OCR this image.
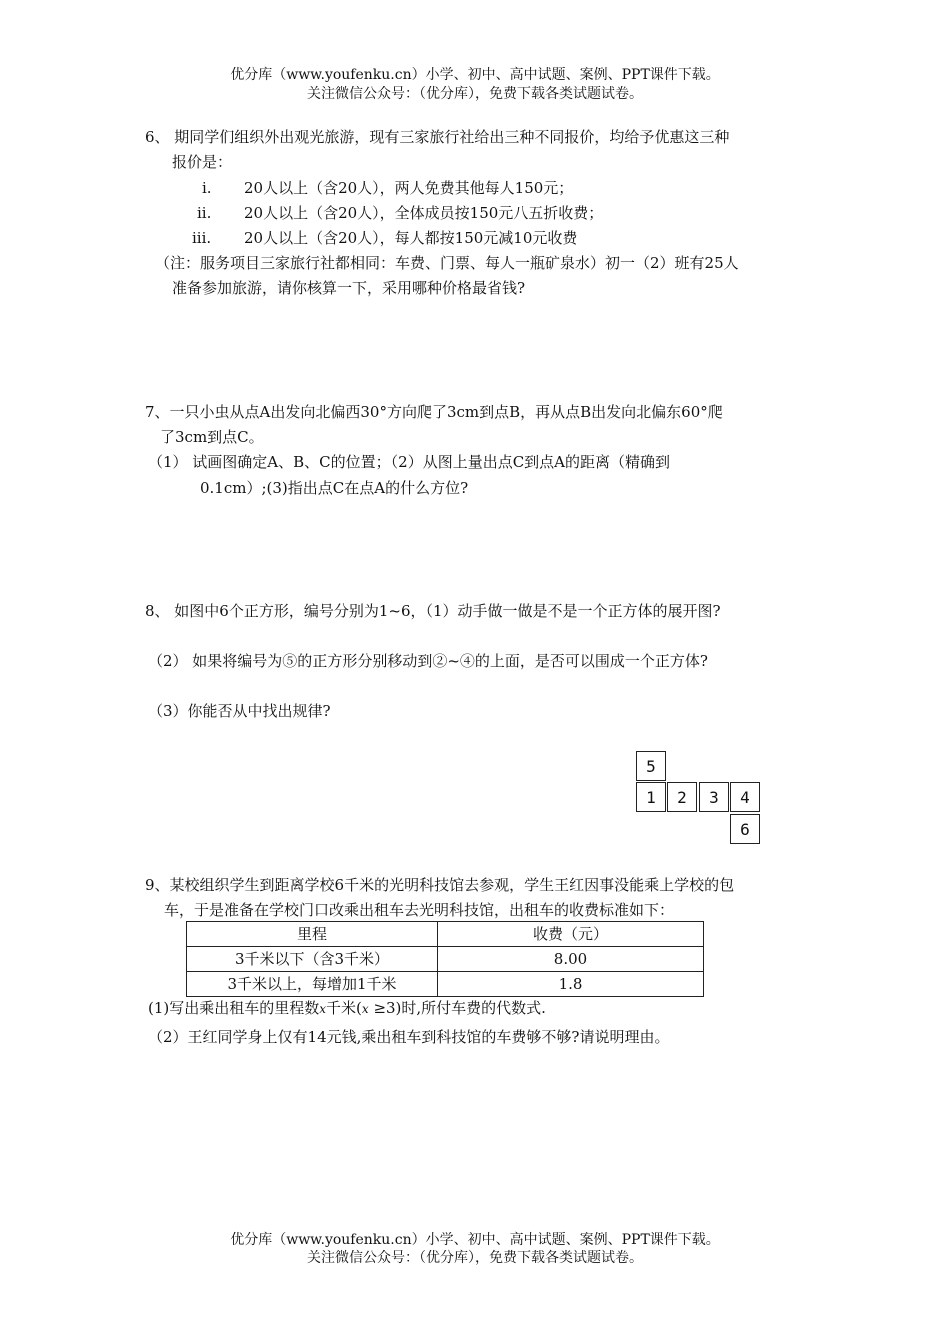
优分库（www.youfenku.cn）小学、初中、高中试题、案例、PPT课件下载。
关注微信公众号：（优分库），免费下载各类试题试卷。
6、 期同学们组织外出观光旅游，现有三家旅行社给出三种不同报价，均给予优惠这三种
报价是：
i. 20人以上（含20人），两人免费其他每人150元；
ii. 20人以上（含20人），全体成员按150元八五折收费；
iii. 20人以上（含20人），每人都按150元减10元收费
（注：服务项目三家旅行社都相同：车费、门票、每人一瓶矿泉水）初一（2）班有25人
准备参加旅游，请你核算一下，采用哪种价格最省钱?
7、一只小虫从点A出发向北偏西30°方向爬了3cm到点B，再从点B出发向北偏东60°爬
了3cm到点C。
（1） 试画图确定A、B、C的位置；（2）从图上量出点C到点A的距离（精确到
0.1cm）;(3)指出点C在点A的什么方位?
8、 如图中6个正方形，编号分别为1~6，（1）动手做一做是不是一个正方体的展开图?
（2） 如果将编号为⑤的正方形分别移动到②~④的上面，是否可以围成一个正方体?
（3）你能否从中找出规律?
5
1	2	3	4
6
9、某校组织学生到距离学校6千米的光明科技馆去参观，学生王红因事没能乘上学校的包
车，于是准备在学校门口改乘出租车去光明科技馆，出租车的收费标准如下：
里程	收费（元）
3千米以下（含3千米）	8.00
3千米以上，每增加1千米	1.8
(1)写出乘出租车的里程数x千米(x ≥3)时,所付车费的代数式.
（2）王红同学身上仅有14元钱,乘出租车到科技馆的车费够不够?请说明理由。
优分库（www.youfenku.cn）小学、初中、高中试题、案例、PPT课件下载。
关注微信公众号：（优分库），免费下载各类试题试卷。
